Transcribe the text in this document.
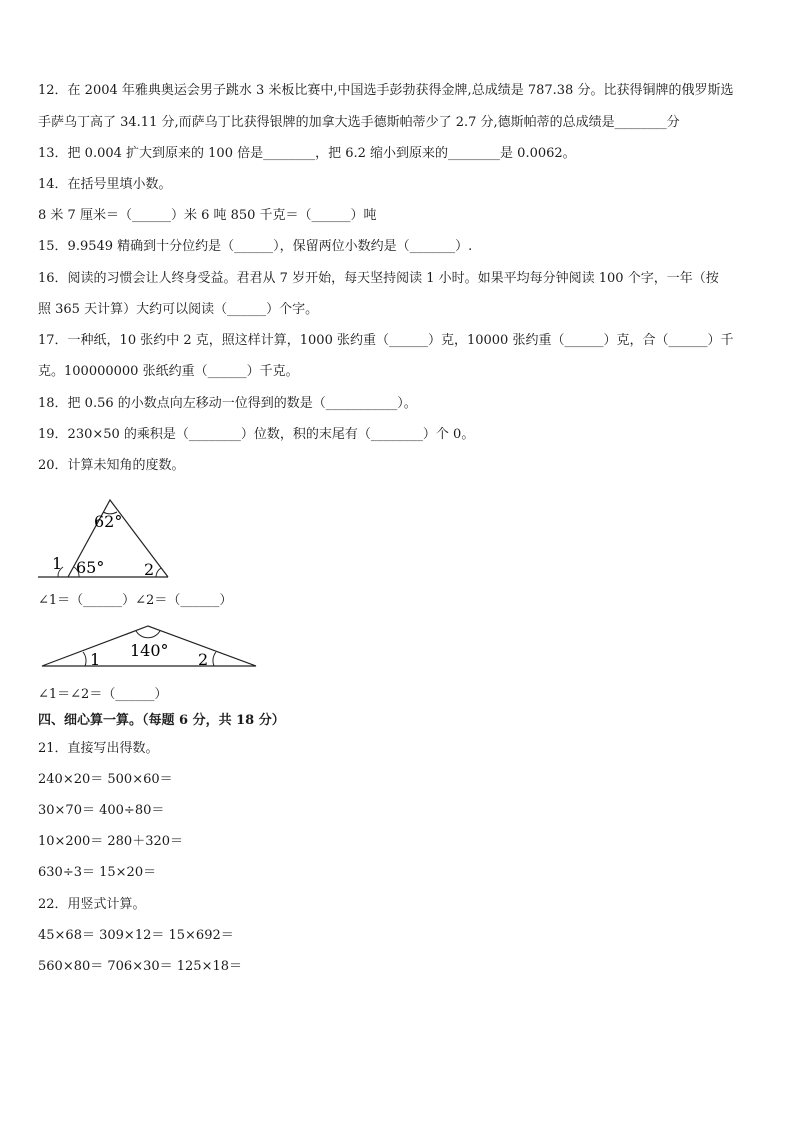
12．在 2004 年雅典奥运会男子跳水 3 米板比赛中,中国选手彭勃获得金牌,总成绩是 787.38 分。比获得铜牌的俄罗斯选
手萨乌丁高了 34.11 分,而萨乌丁比获得银牌的加拿大选手德斯帕蒂少了 2.7 分,德斯帕蒂的总成绩是________分
13．把 0.004 扩大到原来的 100 倍是________，把 6.2 缩小到原来的________是 0.0062。
14．在括号里填小数。
8 米 7 厘米＝（______）米 6 吨 850 千克＝（______）吨
15．9.9549 精确到十分位约是（______），保留两位小数约是（_______）.
16．阅读的习惯会让人终身受益。君君从 7 岁开始，每天坚持阅读 1 小时。如果平均每分钟阅读 100 个字，一年（按
照 365 天计算）大约可以阅读（______）个字。
17．一种纸，10 张约中 2 克，照这样计算，1000 张约重（______）克，10000 张约重（______）克，合（______）千
克。100000000 张纸约重（______）千克。
18．把 0.56 的小数点向左移动一位得到的数是（___________）。
19．230×50 的乘积是（________）位数，积的末尾有（________）个 0。
20．计算未知角的度数。
62°
65°
1	2
∠1＝（______）∠2＝（______）
140°
1	2
∠1＝∠2＝（______）
四、细心算一算。（每题 6 分，共 18 分）
21．直接写出得数。
240×20＝ 500×60＝
30×70＝ 400÷80＝
10×200＝ 280＋320＝
630÷3＝ 15×20＝
22．用竖式计算。
45×68＝ 309×12＝ 15×692＝
560×80＝ 706×30＝ 125×18＝
